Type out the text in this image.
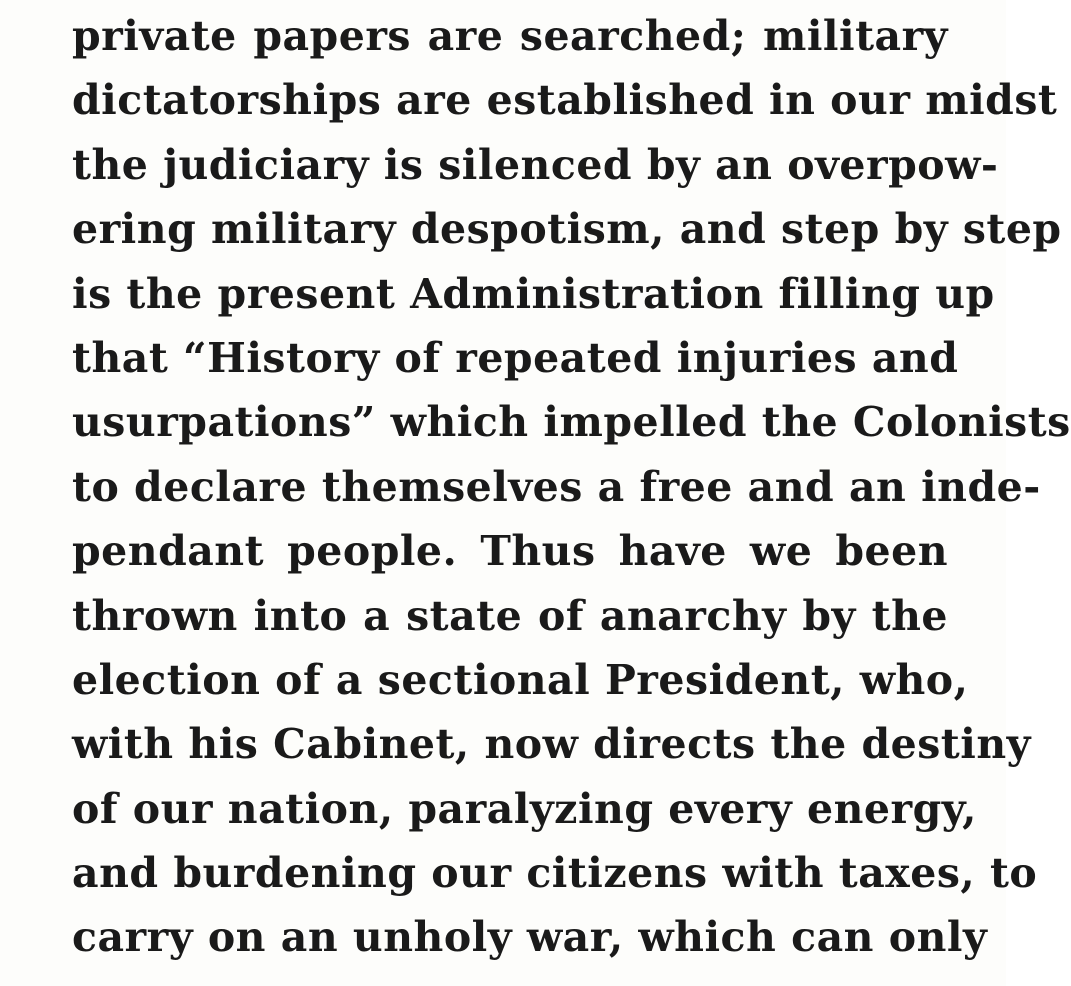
private papers are searched; military
dictatorships are established in our midst
the judiciary is silenced by an overpow-
ering military despotism, and step by step
is the present Administration filling up
that “History of repeated injuries and
usurpations” which impelled the Colonists
to declare themselves a free and an inde-
pendant people. Thus have we been
thrown into a state of anarchy by the
election of a sectional President, who,
with his Cabinet, now directs the destiny
of our nation, paralyzing every energy,
and burdening our citizens with taxes, to
carry on an unholy war, which can only
